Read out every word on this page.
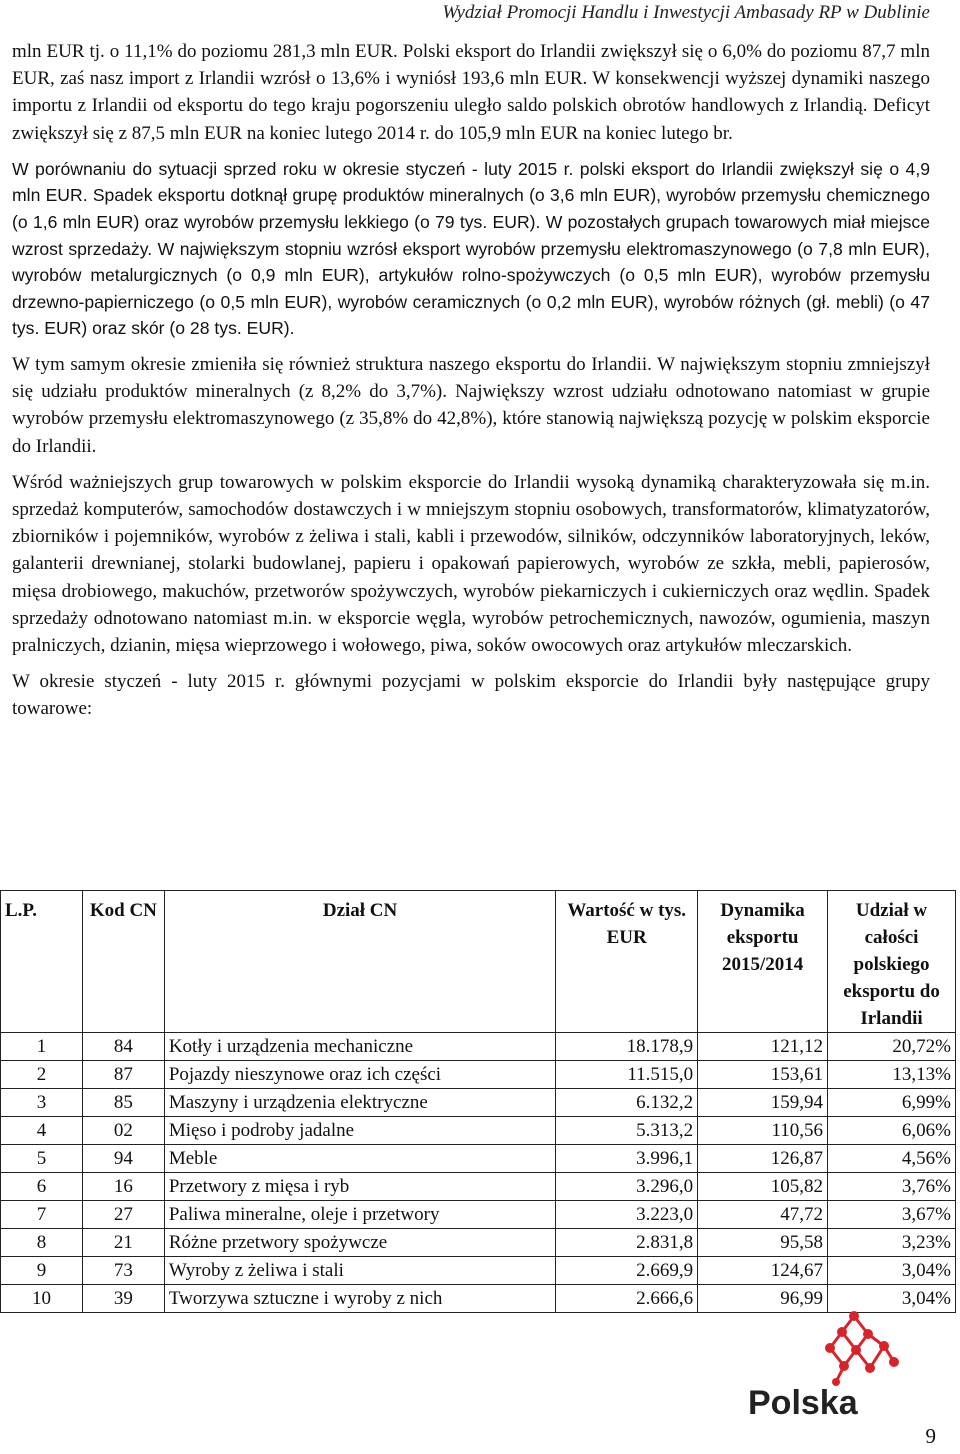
Wydział Promocji Handlu i Inwestycji Ambasady RP w Dublinie

mln EUR tj. o 11,1% do poziomu 281,3 mln EUR. Polski eksport do Irlandii zwiększył się o 6,0% do poziomu 87,7 mln EUR, zaś nasz import z Irlandii wzrósł o 13,6% i wyniósł 193,6 mln EUR. W konsekwencji wyższej dynamiki naszego importu z Irlandii od eksportu do tego kraju pogorszeniu uległo saldo polskich obrotów handlowych z Irlandią. Deficyt zwiększył się z 87,5 mln EUR na koniec lutego 2014 r. do 105,9 mln EUR na koniec lutego br.

W porównaniu do sytuacji sprzed roku w okresie styczeń - luty 2015 r. polski eksport do Irlandii zwiększył się o 4,9 mln EUR. Spadek eksportu dotknął grupę produktów mineralnych (o 3,6 mln EUR), wyrobów przemysłu chemicznego (o 1,6 mln EUR) oraz wyrobów przemysłu lekkiego (o 79 tys. EUR). W pozostałych grupach towarowych miał miejsce wzrost sprzedaży. W największym stopniu wzrósł eksport wyrobów przemysłu elektromaszynowego (o 7,8 mln EUR), wyrobów metalurgicznych (o 0,9 mln EUR), artykułów rolno-spożywczych (o 0,5 mln EUR), wyrobów przemysłu drzewno-papierniczego (o 0,5 mln EUR), wyrobów ceramicznych (o 0,2 mln EUR), wyrobów różnych (gł. mebli) (o 47 tys. EUR) oraz skór (o 28 tys. EUR).

W tym samym okresie zmieniła się również struktura naszego eksportu do Irlandii. W największym stopniu zmniejszył się udziału produktów mineralnych (z 8,2% do 3,7%). Największy wzrost udziału odnotowano natomiast w grupie wyrobów przemysłu elektromaszynowego (z 35,8% do 42,8%), które stanowią największą pozycję w polskim eksporcie do Irlandii.

Wśród ważniejszych grup towarowych w polskim eksporcie do Irlandii wysoką dynamiką charakteryzowała się m.in. sprzedaż komputerów, samochodów dostawczych i w mniejszym stopniu osobowych, transformatorów, klimatyzatorów, zbiorników i pojemników, wyrobów z żeliwa i stali, kabli i przewodów, silników, odczynników laboratoryjnych, leków, galanterii drewnianej, stolarki budowlanej, papieru i opakowań papierowych, wyrobów ze szkła, mebli, papierosów, mięsa drobiowego, makuchów, przetworów spożywczych, wyrobów piekarniczych i cukierniczych oraz wędlin. Spadek sprzedaży odnotowano natomiast m.in. w eksporcie węgla, wyrobów petrochemicznych, nawozów, ogumienia, maszyn pralniczych, dzianin, mięsa wieprzowego i wołowego, piwa, soków owocowych oraz artykułów mleczarskich.

W okresie styczeń - luty 2015 r. głównymi pozycjami w polskim eksporcie do Irlandii były następujące grupy towarowe:

L.P.	Kod CN	Dział CN	Wartość w tys. EUR	Dynamika eksportu 2015/2014	Udział w całości polskiego eksportu do Irlandii
1	84	Kotły i urządzenia mechaniczne	18.178,9	121,12	20,72%
2	87	Pojazdy nieszynowe oraz ich części	11.515,0	153,61	13,13%
3	85	Maszyny i urządzenia elektryczne	6.132,2	159,94	6,99%
4	02	Mięso i podroby jadalne	5.313,2	110,56	6,06%
5	94	Meble	3.996,1	126,87	4,56%
6	16	Przetwory z mięsa i ryb	3.296,0	105,82	3,76%
7	27	Paliwa mineralne, oleje i przetwory	3.223,0	47,72	3,67%
8	21	Różne przetwory spożywcze	2.831,8	95,58	3,23%
9	73	Wyroby z żeliwa i stali	2.669,9	124,67	3,04%
10	39	Tworzywa sztuczne i wyroby z nich	2.666,6	96,99	3,04%
Polska
9
